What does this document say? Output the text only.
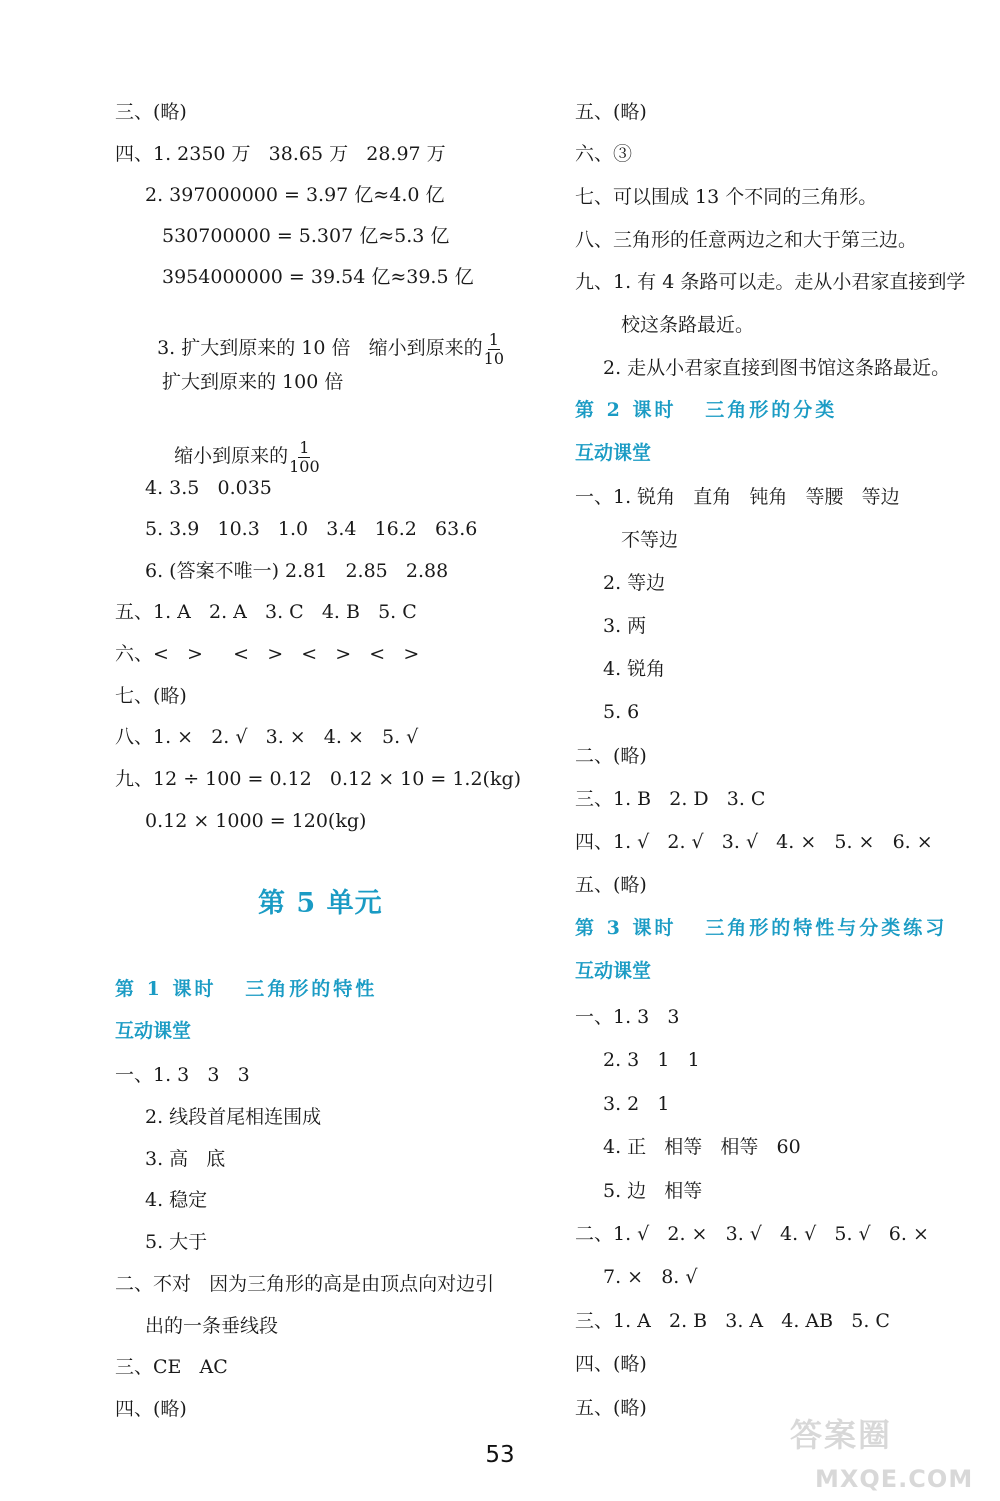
三、(略)
四、1. 2350 万   38.65 万   28.97 万
2. 397000000 = 3.97 亿≈4.0 亿
530700000 = 5.307 亿≈5.3 亿
3954000000 = 39.54 亿≈39.5 亿

3. 扩大到原来的 10 倍   缩小到原来的 $\frac{1}{10}$

扩大到原来的 100 倍

缩小到原来的 $\frac{1}{100}$

4. 3.5   0.035
5. 3.9   10.3   1.0   3.4   16.2   63.6
6. (答案不唯一) 2.81   2.85   2.88
五、1. A   2. A   3. C   4. B   5. C
六、<   >     <   >   <   >   <   >
七、(略)
八、1. ×   2. √   3. ×   4. ×   5. √
九、12 ÷ 100 = 0.12   0.12 × 10 = 1.2(kg)
0.12 × 1000 = 120(kg)
第 5 单元
第 1 课时   三角形的特性
互动课堂
一、1. 3   3   3
2. 线段首尾相连围成
3. 高   底
4. 稳定
5. 大于
二、不对   因为三角形的高是由顶点向对边引
出的一条垂线段
三、CE   AC
四、(略)
五、(略)
六、③
七、可以围成 13 个不同的三角形。
八、三角形的任意两边之和大于第三边。
九、1. 有 4 条路可以走。走从小君家直接到学
校这条路最近。
2. 走从小君家直接到图书馆这条路最近。
第 2 课时   三角形的分类
互动课堂
一、1. 锐角   直角   钝角   等腰   等边
不等边
2. 等边
3. 两
4. 锐角
5. 6
二、(略)
三、1. B   2. D   3. C
四、1. √   2. √   3. √   4. ×   5. ×   6. ×
五、(略)
第 3 课时   三角形的特性与分类练习
互动课堂
一、1. 3   3
2. 3   1   1
3. 2   1
4. 正   相等   相等   60
5. 边   相等
二、1. √   2. ×   3. √   4. √   5. √   6. ×
7. ×   8. √
三、1. A   2. B   3. A   4. AB   5. C
四、(略)
五、(略)
53
答案圈
MXQE.COM
